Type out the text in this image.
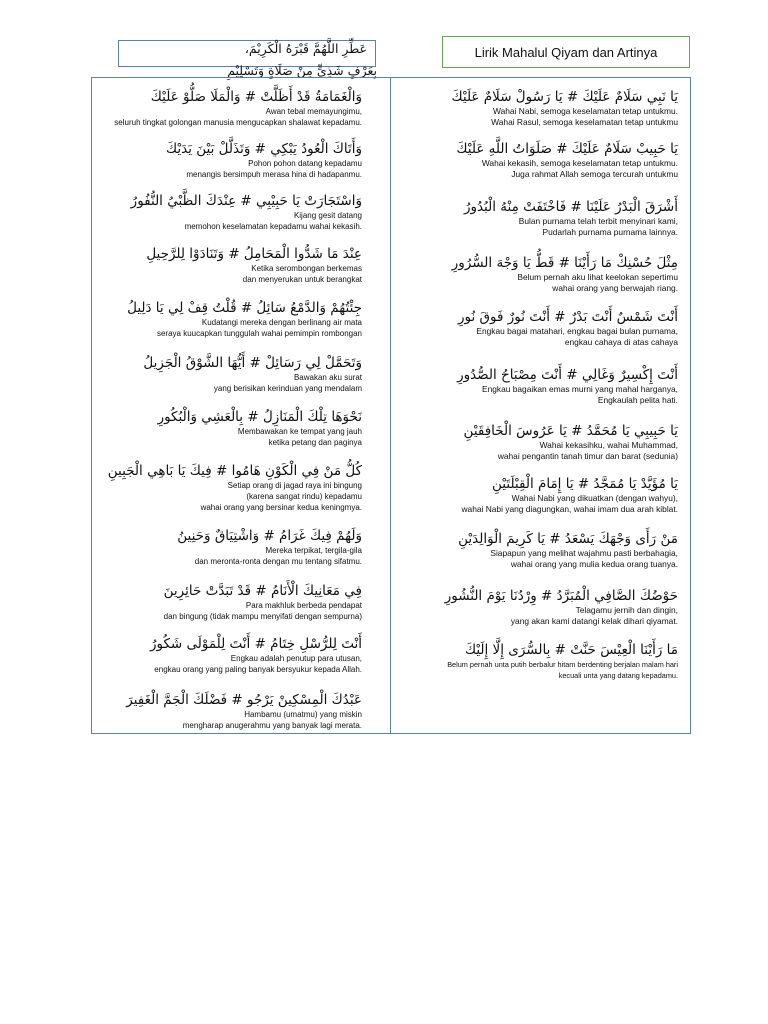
عَطِّرِ اللَّهُمَّ قَبْرَهُ الْكَرِيْمَ،
بِعَرْفٍ شَذِيٍّ مِنْ صَلَاةٍ وَتَسْلِيْمِ
Lirik Mahalul Qiyam dan Artinya
وَالْغَمَامَةُ قَدْ أَظَلَّتْ # وَالْمَلَا صَلُّوْ عَلَيْكَ
Awan tebal memayungimu,
seluruh tingkat golongan manusia mengucapkan shalawat kepadamu.
وَأَتَاكَ الْعُودُ يَبْكِي # وَتَذَلَّلْ بَيْنَ يَدَيْكَ
Pohon pohon datang kepadamu
menangis bersimpuh merasa hina di hadapanmu.
وَاسْتَجَارَتْ يَا حَبِيْبِي # عِنْدَكَ الظَّبْيُ النُّفُورُ
Kijang gesit datang
memohon keselamatan kepadamu wahai kekasih.
عِنْدَ مَا شَدُّوا الْمَحَامِلُ # وَتَنَادَوْا لِلرَّحِيلِ
Ketika serombongan berkemas
dan menyerukan untuk berangkat
جِئْتُهُمْ وَالدَّمْعُ سَائِلُ # قُلْتُ قِفْ لِي يَا دَلِيلُ
Kudatangi mereka dengan berlinang air mata
seraya kuucapkan tunggulah wahai pemimpin rombongan
وَتَحَمَّلْ لِي رَسَائِلْ # أَيُّهَا الشَّوْقُ الْجَزِيلُ
Bawakan aku surat
yang berisikan kerinduan yang mendalam
نَحْوَهَا تِلْكَ الْمَنَازِلُ # بِالْعَشِي وَالْبُكُورِ
Membawakan ke tempat yang jauh
ketika petang dan paginya
كُلُّ مَنْ فِي الْكَوْنِ هَامُوا # فِيكَ يَا بَاهِي الْجَبِينِ
Setiap orang di jagad raya ini bingung
(karena sangat rindu) kepadamu
wahai orang yang bersinar kedua keningmya.
وَلَهُمْ فِيكَ غَرَامُ # وَاشْتِيَاقٌ وَحَنِينُ
Mereka terpikat, tergila-gila
dan meronta-ronta dengan mu tentang sifatmu.
فِي مَعَانِيكَ الْأَنَامُ # قَدْ تَبَدَّتْ حَائِرِينَ
Para makhluk berbeda pendapat
dan bingung (tidak mampu menyifati dengan sempurna)
أَنْتَ لِلرُّسْلِ خِتَامُ # أَنْتَ لِلْمَوْلَى شَكُورُ
Engkau adalah penutup para utusan,
engkau orang yang paling banyak bersyukur kepada Allah.
عَبْدُكَ الْمِسْكِينْ يَرْجُو # فَضْلَكَ الْجَمَّ الْغَفِيرَ
Hambamu (umatmu) yang miskin
mengharap anugerahmu yang banyak lagi merata.
يَا نَبِي سَلَامٌ عَلَيْكَ # يَا رَسُولْ سَلَامٌ عَلَيْكَ
Wahai Nabi, semoga keselamatan tetap untukmu.
Wahai Rasul, semoga keselamatan tetap untukmu
يَا حَبِيبْ سَلَامٌ عَلَيْكَ # صَلَوَاتُ اللَّهِ عَلَيْكَ
Wahai kekasih, semoga keselamatan tetap untukmu.
Juga rahmat Allah semoga tercurah untukmu
أَشْرَقَ الْبَدْرُ عَلَيْنَا # فَاخْتَفَتْ مِنْهُ الْبُدُورُ
Bulan purnama telah terbit menyinari kami,
Pudarlah purnama purnama lainnya.
مِثْلَ حُسْنِكْ مَا رَأَيْنَا # قَطُّ يَا وَجْهَ السُّرُورِ
Belum pernah aku lihat keelokan sepertimu
wahai orang yang berwajah riang.
أَنْتَ شَمْسٌ أَنْتَ بَدْرٌ # أَنْتَ نُورٌ فَوقَ نُورِ
Engkau bagai matahari, engkau bagai bulan purnama,
engkau cahaya di atas cahaya
أَنْتَ إِكْسِيرٌ وَغَالِي # أَنْتَ مِصْبَاحُ الصُّدُورِ
Engkau bagaikan emas murni yang mahal harganya,
Engkaulah pelita hati.
يَا حَبِيبِي يَا مُحَمَّدُ # يَا عَرُوسَ الْخَافِقَيْنِ
Wahai kekasihku, wahai Muhammad,
wahai pengantin tanah timur dan barat (sedunia)
يَا مُؤَيَّدْ يَا مُمَجَّدُ # يَا إِمَامَ الْقِبْلَتَيْنِ
Wahai Nabi yang dikuatkan (dengan wahyu),
wahai Nabi yang diagungkan, wahai imam dua arah kiblat.
مَنْ رَأَى وَجْهَكَ يَسْعَدُ # يَا كَرِيمَ الْوَالِدَيْنِ
Siapapun yang melihat wajahmu pasti berbahagia,
wahai orang yang mulia kedua orang tuanya.
حَوْضُكَ الصَّافِي الْمُبَرَّدُ # وِرْدُنَا يَوْمَ النُّشُورِ
Telagamu jernih dan dingin,
yang akan kami datangi kelak dihari qiyamat.
مَا رَأَيْنَا الْعِيْسَ حَنَّتْ # بِالسُّرَى إِلَّا إِلَيْكَ
Belum pernah unta putih berbalur hitam berdenting berjalan malam hari
kecuali unta yang datang kepadamu.
